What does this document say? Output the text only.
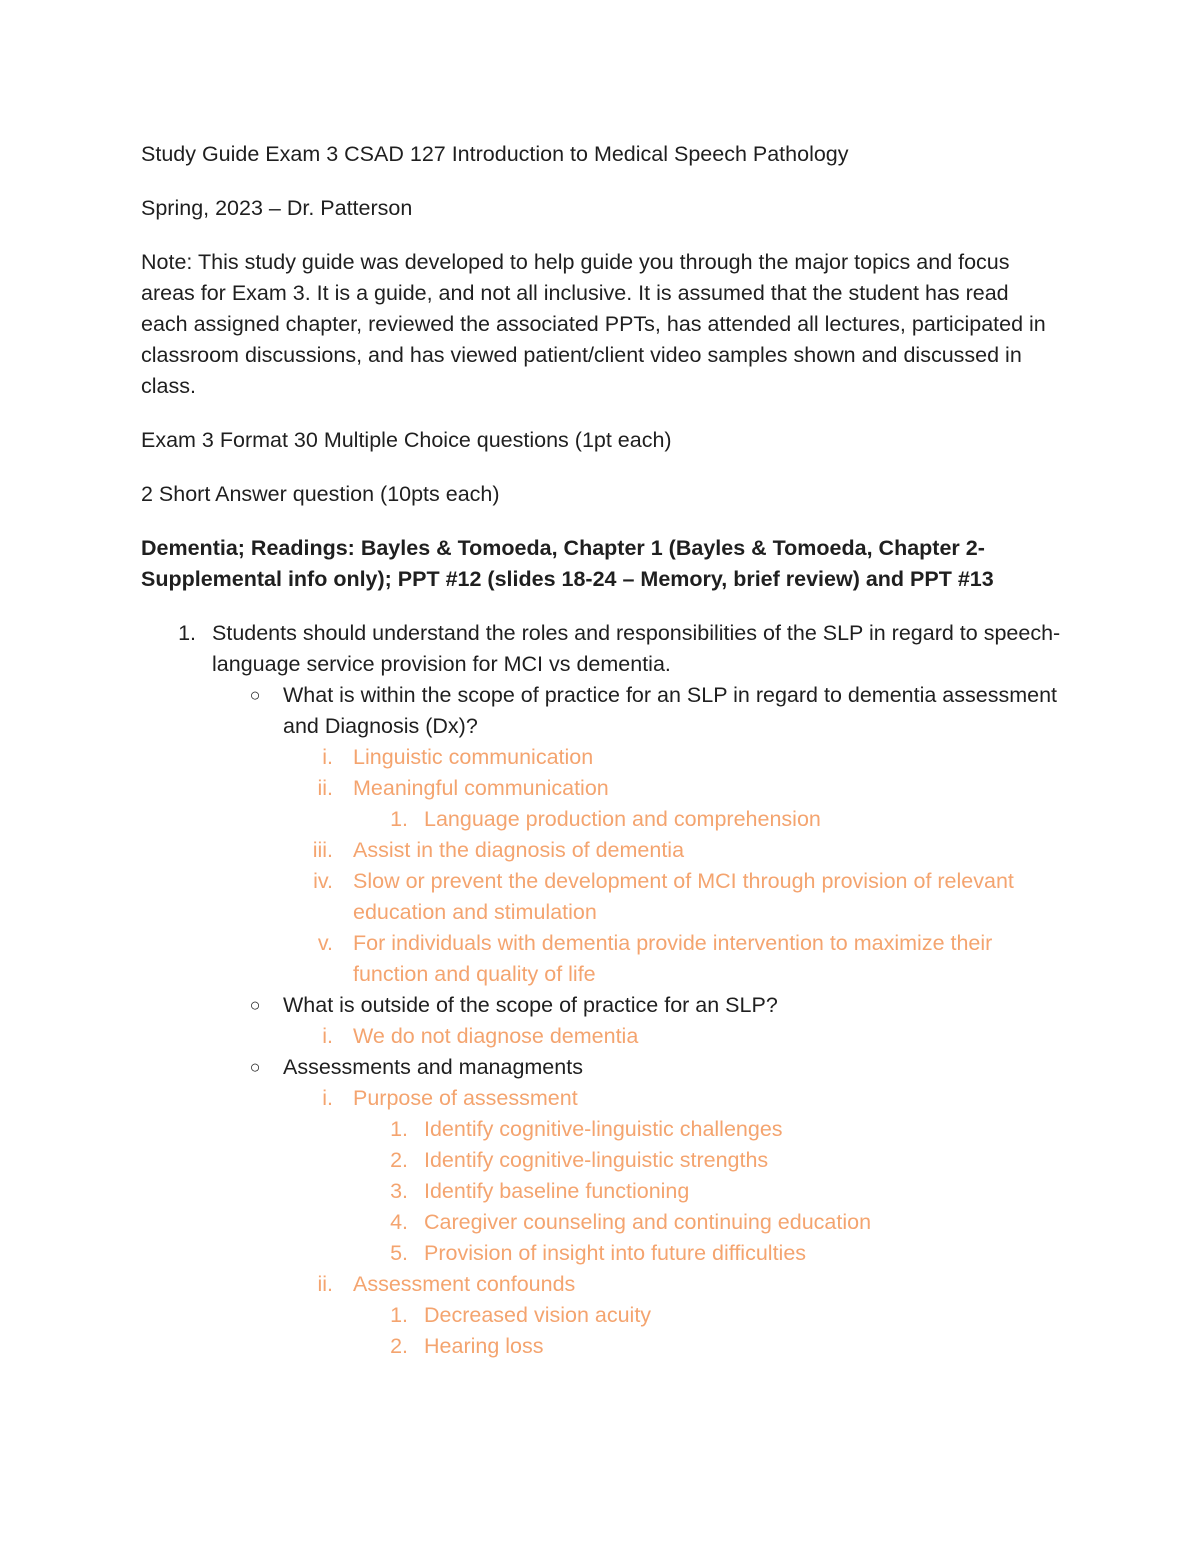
Study Guide Exam 3 CSAD 127 Introduction to Medical Speech Pathology

Spring, 2023 – Dr. Patterson

Note: This study guide was developed to help guide you through the major topics and focus areas for Exam 3. It is a guide, and not all inclusive. It is assumed that the student has read each assigned chapter, reviewed the associated PPTs, has attended all lectures, participated in classroom discussions, and has viewed patient/client video samples shown and discussed in class.

Exam 3 Format 30 Multiple Choice questions (1pt each)

2 Short Answer question (10pts each)

Dementia; Readings: Bayles & Tomoeda, Chapter 1 (Bayles & Tomoeda, Chapter 2- Supplemental info only); PPT #12 (slides 18-24 – Memory, brief review) and PPT #13

1. Students should understand the roles and responsibilities of the SLP in regard to speech-language service provision for MCI vs dementia.
○	What is within the scope of practice for an SLP in regard to dementia assessment and Diagnosis (Dx)?
i. Linguistic communication
ii. Meaningful communication
1. Language production and comprehension
iii. Assist in the diagnosis of dementia
iv. Slow or prevent the development of MCI through provision of relevant education and stimulation
v. For individuals with dementia provide intervention to maximize their function and quality of life
○	What is outside of the scope of practice for an SLP?
i. We do not diagnose dementia
○	Assessments and managments
i. Purpose of assessment
1. Identify cognitive-linguistic challenges
2. Identify cognitive-linguistic strengths
3. Identify baseline functioning
4. Caregiver counseling and continuing education
5. Provision of insight into future difficulties
ii. Assessment confounds
1. Decreased vision acuity
2. Hearing loss
